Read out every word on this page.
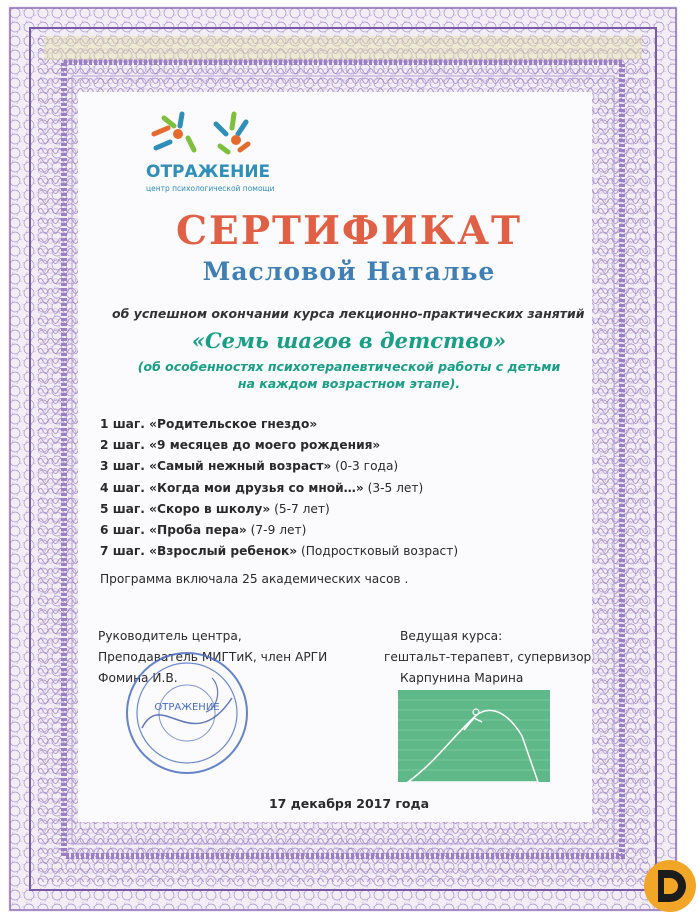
ОТРАЖЕНИЕ
центр психологической помощи
СЕРТИФИКАТ
Масловой Наталье
об успешном окончании курса лекционно-практических занятий
«Семь шагов в детство»
(об особенностях психотерапевтической работы с детьми
на каждом возрастном этапе).
1 шаг. «Родительское гнездо»
2 шаг. «9 месяцев до моего рождения»
3 шаг. «Самый нежный возраст» (0-3 года)
4 шаг. «Когда мои друзья со мной…» (3-5 лет)
5 шаг. «Скоро в школу» (5-7 лет)
6 шаг. «Проба пера» (7-9 лет)
7 шаг. «Взрослый ребенок» (Подростковый возраст)
Программа включала 25 академических часов .
Руководитель центра,
Преподаватель МИГТиК, член АРГИ
Фомина И.В.
Ведущая курса:
гештальт-терапевт, супервизор
Карпунина Марина
ОТРАЖЕНИЕ
17 декабря 2017 года
